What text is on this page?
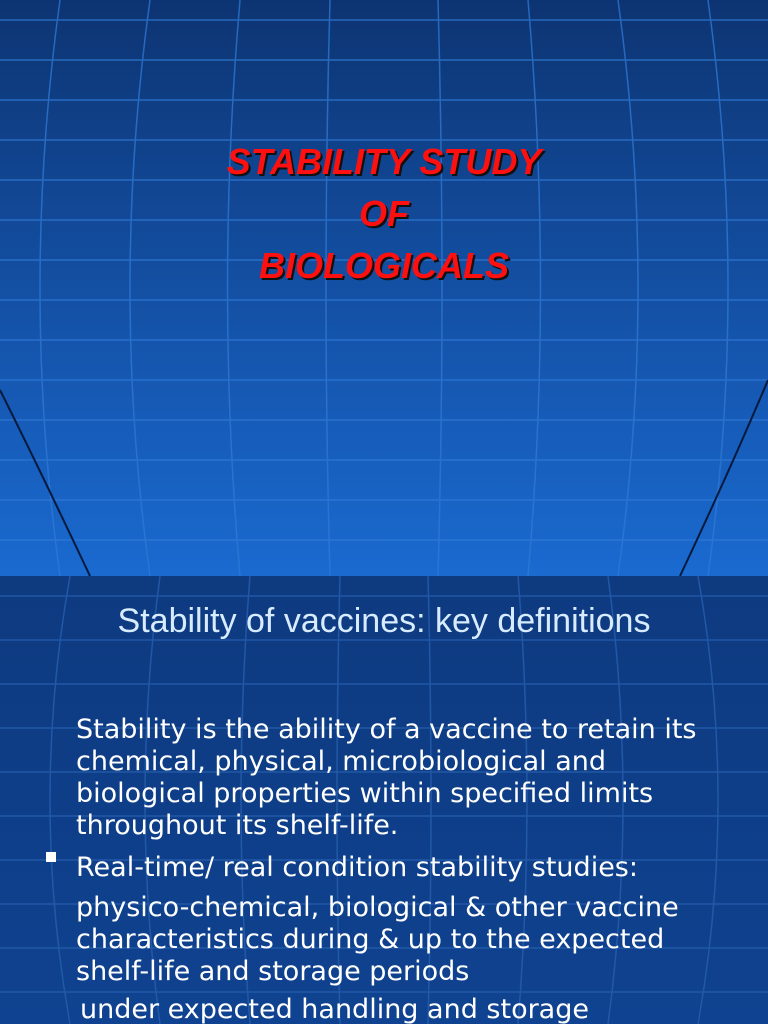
STABILITY STUDY
OF
BIOLOGICALS
Stability of vaccines: key definitions
Stability is the ability of a vaccine to retain its chemical, physical, microbiological and biological properties within specified limits throughout its shelf-life.
Real-time/ real condition stability studies:
physico-chemical, biological & other vaccine characteristics during & up to the expected shelf-life and storage periods
under expected handling and storage
